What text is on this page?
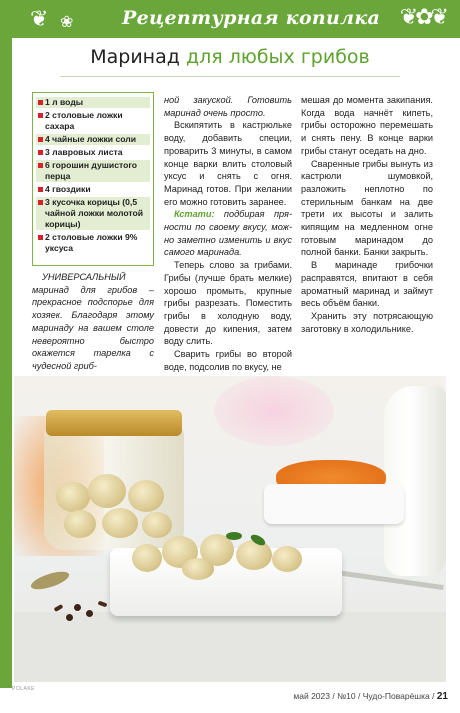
❦ ❀	Рецептурная копилка ❦✿❦
Маринад для любых грибов
1 л воды
2 столовые ложки сахара
4 чайные ложки соли
3 лавровых листа
6 горошин душистого перца
4 гвоздики
3 кусочка корицы (0,5 чайной ложки молотой корицы)
2 столовые ложки 9% уксуса

УНИВЕРСАЛЬНЫЙ маринад для грибов – прекрасное подспорье для хозяек. Благодаря этому маринаду на вашем столе невероятно быстро окажется тарелка с чудесной гриб-

ной закуской. Готовить маринад очень просто.

Вскипятить в кастрюльке воду, добавить специи, проварить 3 минуты, в самом конце варки влить столовый уксус и снять с огня. Маринад готов. При желании его можно готовить заранее.

Кстати: подбирая пряности по своему вкусу, можно заметно изменить и вкус самого маринада.

Теперь слово за грибами. Грибы (лучше брать мелкие) хорошо промыть, крупные грибы разрезать. Поместить грибы в холодную воду, довести до кипения, затем воду слить.

Сварить грибы во второй воде, подсолив по вкусу, не

мешая до момента закипания. Когда вода начнёт кипеть, грибы осторожно перемешать и снять пену. В конце варки грибы станут оседать на дно.

Сваренные грибы вынуть из кастрюли шумовкой, разложить неплотно по стерильным банкам на две трети их высоты и залить кипящим на медленном огне готовым маринадом до полной банки. Банки закрыть.

В маринаде грибочки расправятся, впитают в себя ароматный маринад и займут весь объём банки.

Хранить эту потрясающую заготовку в холодильнике.

POLAKE
май 2023 / №10 / Чудо-Поварёшка / 21
